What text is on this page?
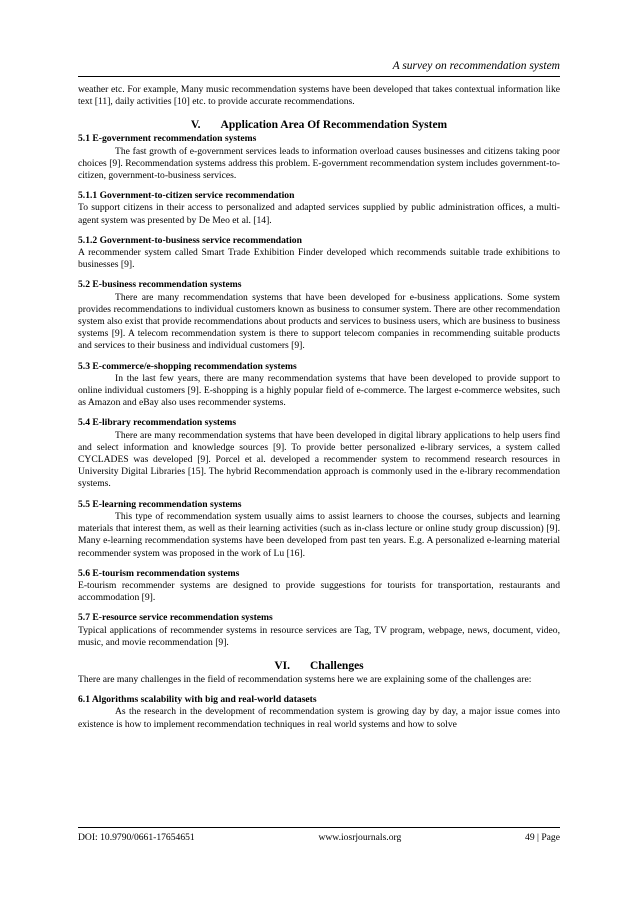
A survey on recommendation system

weather etc. For example, Many music recommendation systems have been developed that takes contextual information like text [11], daily activities [10] etc. to provide accurate recommendations.

V. Application Area Of Recommendation System

5.1 E-government recommendation systems

The fast growth of e-government services leads to information overload causes businesses and citizens taking poor choices [9]. Recommendation systems address this problem. E-government recommendation system includes government-to-citizen, government-to-business services.

5.1.1 Government-to-citizen service recommendation

To support citizens in their access to personalized and adapted services supplied by public administration offices, a multi-agent system was presented by De Meo et al. [14].

5.1.2 Government-to-business service recommendation

A recommender system called Smart Trade Exhibition Finder developed which recommends suitable trade exhibitions to businesses [9].

5.2 E-business recommendation systems

There are many recommendation systems that have been developed for e-business applications. Some system provides recommendations to individual customers known as business to consumer system. There are other recommendation system also exist that provide recommendations about products and services to business users, which are business to business systems [9]. A telecom recommendation system is there to support telecom companies in recommending suitable products and services to their business and individual customers [9].

5.3 E-commerce/e-shopping recommendation systems

In the last few years, there are many recommendation systems that have been developed to provide support to online individual customers [9]. E-shopping is a highly popular field of e-commerce. The largest e-commerce websites, such as Amazon and eBay also uses recommender systems.

5.4 E-library recommendation systems

There are many recommendation systems that have been developed in digital library applications to help users find and select information and knowledge sources [9]. To provide better personalized e-library services, a system called CYCLADES was developed [9]. Porcel et al. developed a recommender system to recommend research resources in University Digital Libraries [15]. The hybrid Recommendation approach is commonly used in the e-library recommendation systems.

5.5 E-learning recommendation systems

This type of recommendation system usually aims to assist learners to choose the courses, subjects and learning materials that interest them, as well as their learning activities (such as in-class lecture or online study group discussion) [9]. Many e-learning recommendation systems have been developed from past ten years. E.g. A personalized e-learning material recommender system was proposed in the work of Lu [16].

5.6 E-tourism recommendation systems

E-tourism recommender systems are designed to provide suggestions for tourists for transportation, restaurants and accommodation [9].

5.7 E-resource service recommendation systems

Typical applications of recommender systems in resource services are Tag, TV program, webpage, news, document, video, music, and movie recommendation [9].

VI. Challenges

There are many challenges in the field of recommendation systems here we are explaining some of the challenges are:

6.1 Algorithms scalability with big and real-world datasets

As the research in the development of recommendation system is growing day by day, a major issue comes into existence is how to implement recommendation techniques in real world systems and how to solve

DOI: 10.9790/0661-17654651	www.iosrjournals.org	49 | Page
